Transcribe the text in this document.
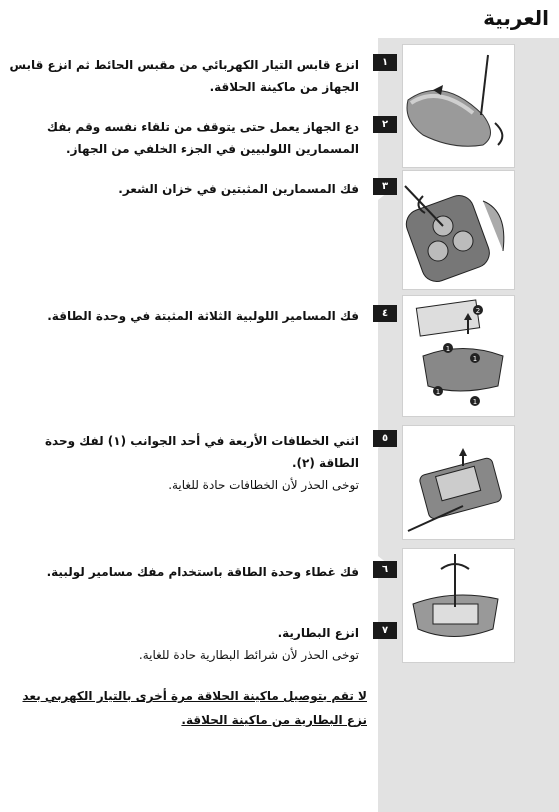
العربية
2
1
1
1
1
١

انزع قابس التيار الكهربائي من مقبس الحائط ثم انزع قابس الجهاز من ماكينة الحلاقة.

٢

دع الجهاز يعمل حتى يتوقف من تلقاء نفسه وقم بفك المسمارين اللولبيين في الجزء الخلفي من الجهاز.

٣

فك المسمارين المثبتين في خزان الشعر.

٤

فك المسامير اللولبية الثلاثة المثبتة في وحدة الطاقة.

٥

اثني الخطافات الأربعة في أحد الجوانب (١) لفك وحدة الطاقة (٢).

توخى الحذر لأن الخطافات حادة للغاية.

٦

فك غطاء وحدة الطاقة باستخدام مفك مسامير لولبية.

٧

انزع البطارية.

توخى الحذر لأن شرائط البطارية حادة للغاية.

لا تقم بتوصيل ماكينة الحلاقة مرة أخرى بالتيار الكهربي بعد نزع البطارية من ماكينة الحلاقة.
